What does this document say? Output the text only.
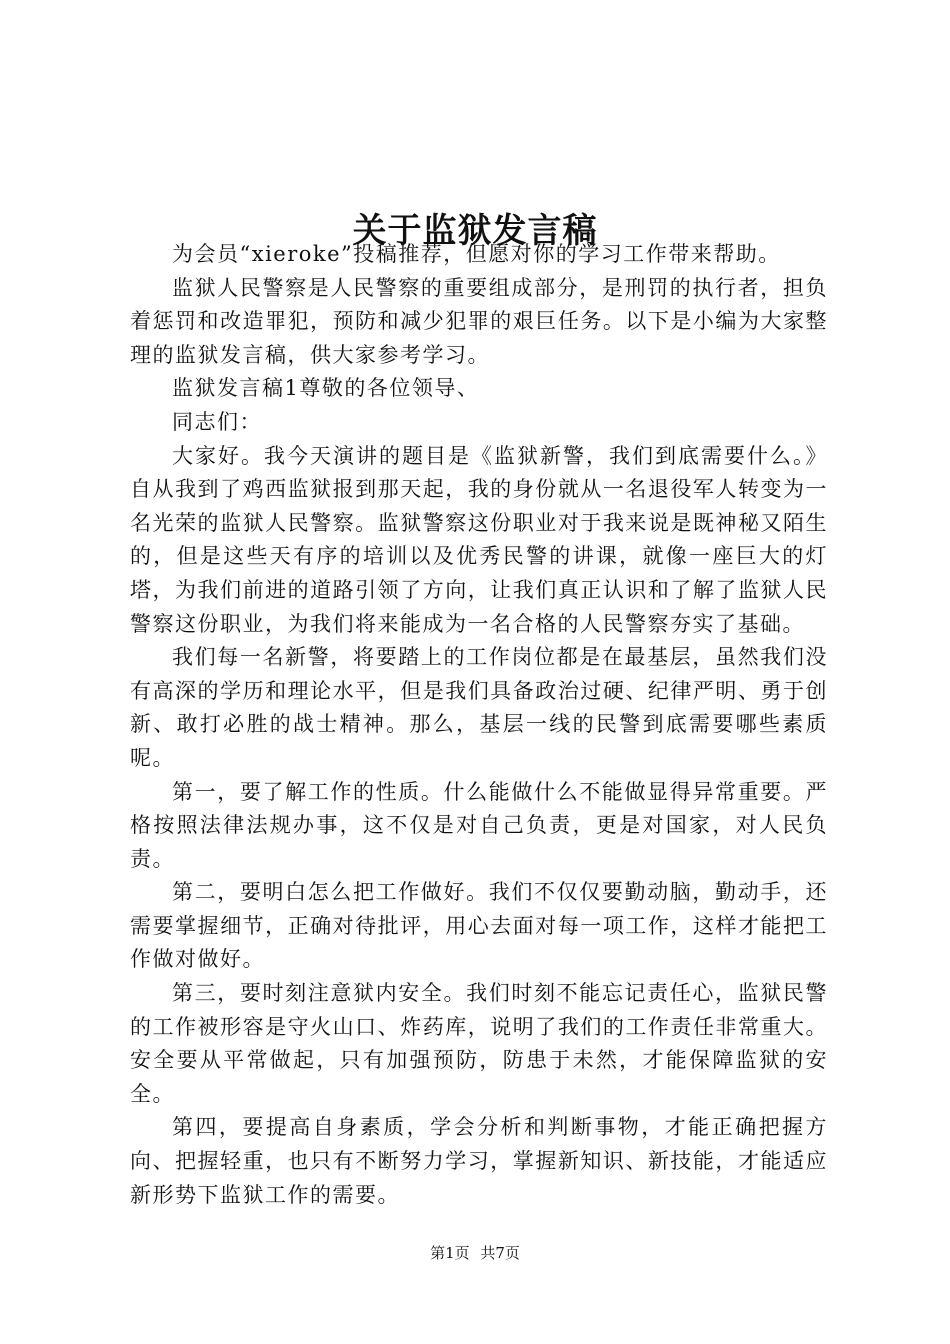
关于监狱发言稿

为会员“xieroke”投稿推荐，但愿对你的学习工作带来帮助。

监狱人民警察是人民警察的重要组成部分，是刑罚的执行者，担负着惩罚和改造罪犯，预防和减少犯罪的艰巨任务。以下是小编为大家整理的监狱发言稿，供大家参考学习。

监狱发言稿1尊敬的各位领导、

同志们：

大家好。我今天演讲的题目是《监狱新警，我们到底需要什么。》自从我到了鸡西监狱报到那天起，我的身份就从一名退役军人转变为一名光荣的监狱人民警察。监狱警察这份职业对于我来说是既神秘又陌生的，但是这些天有序的培训以及优秀民警的讲课，就像一座巨大的灯塔，为我们前进的道路引领了方向，让我们真正认识和了解了监狱人民警察这份职业，为我们将来能成为一名合格的人民警察夯实了基础。

我们每一名新警，将要踏上的工作岗位都是在最基层，虽然我们没有高深的学历和理论水平，但是我们具备政治过硬、纪律严明、勇于创新、敢打必胜的战士精神。那么，基层一线的民警到底需要哪些素质呢。

第一，要了解工作的性质。什么能做什么不能做显得异常重要。严格按照法律法规办事，这不仅是对自己负责，更是对国家，对人民负责。

第二，要明白怎么把工作做好。我们不仅仅要勤动脑，勤动手，还需要掌握细节，正确对待批评，用心去面对每一项工作，这样才能把工作做对做好。

第三，要时刻注意狱内安全。我们时刻不能忘记责任心，监狱民警的工作被形容是守火山口、炸药库，说明了我们的工作责任非常重大。安全要从平常做起，只有加强预防，防患于未然，才能保障监狱的安全。

第四，要提高自身素质，学会分析和判断事物，才能正确把握方向、把握轻重，也只有不断努力学习，掌握新知识、新技能，才能适应新形势下监狱工作的需要。

第1页 共7页
